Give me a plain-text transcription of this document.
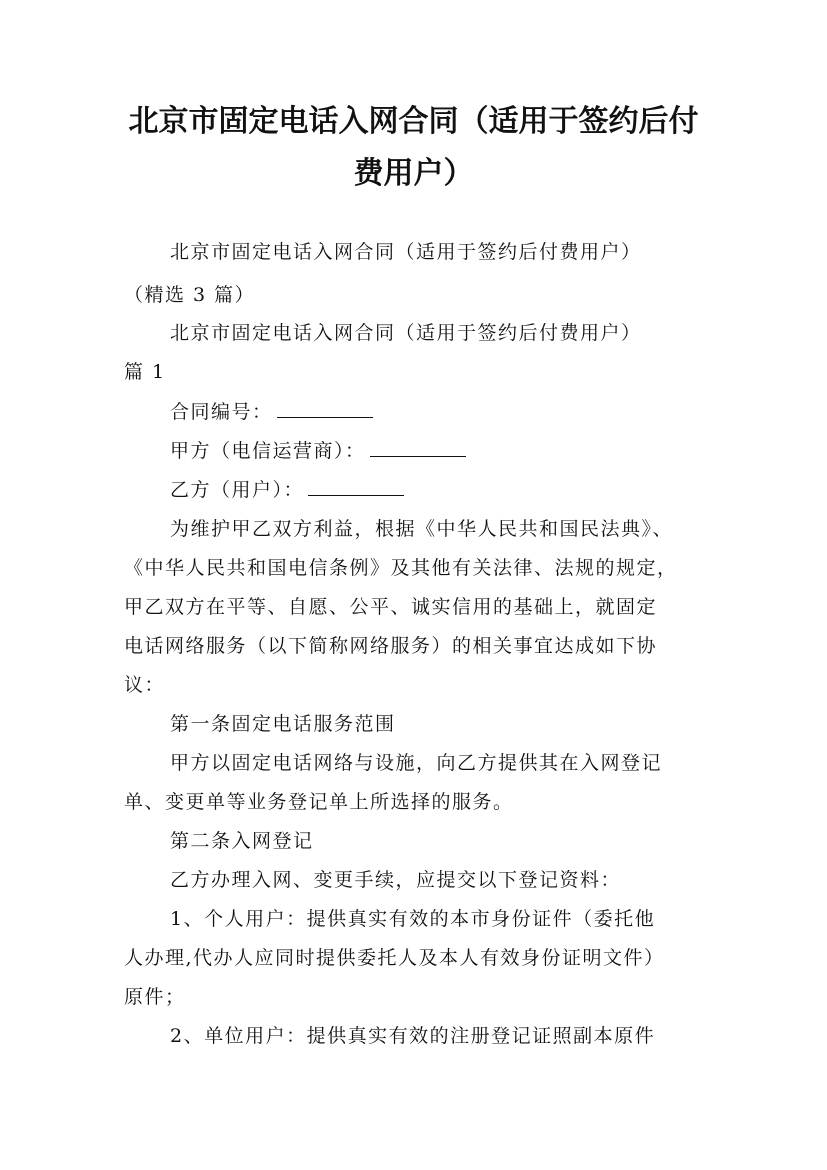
北京市固定电话入网合同（适用于签约后付
费用户）
北京市固定电话入网合同（适用于签约后付费用户）
（精选 3 篇）
北京市固定电话入网合同（适用于签约后付费用户）
篇 1
合同编号：
甲方（电信运营商）：
乙方（用户）：
为维护甲乙双方利益，根据《中华人民共和国民法典》、
《中华人民共和国电信条例》及其他有关法律、法规的规定，
甲乙双方在平等、自愿、公平、诚实信用的基础上，就固定
电话网络服务（以下简称网络服务）的相关事宜达成如下协
议：
第一条固定电话服务范围
甲方以固定电话网络与设施，向乙方提供其在入网登记
单、变更单等业务登记单上所选择的服务。
第二条入网登记
乙方办理入网、变更手续，应提交以下登记资料：
1、个人用户：提供真实有效的本市身份证件（委托他
人办理,代办人应同时提供委托人及本人有效身份证明文件）
原件；
2、单位用户：提供真实有效的注册登记证照副本原件
